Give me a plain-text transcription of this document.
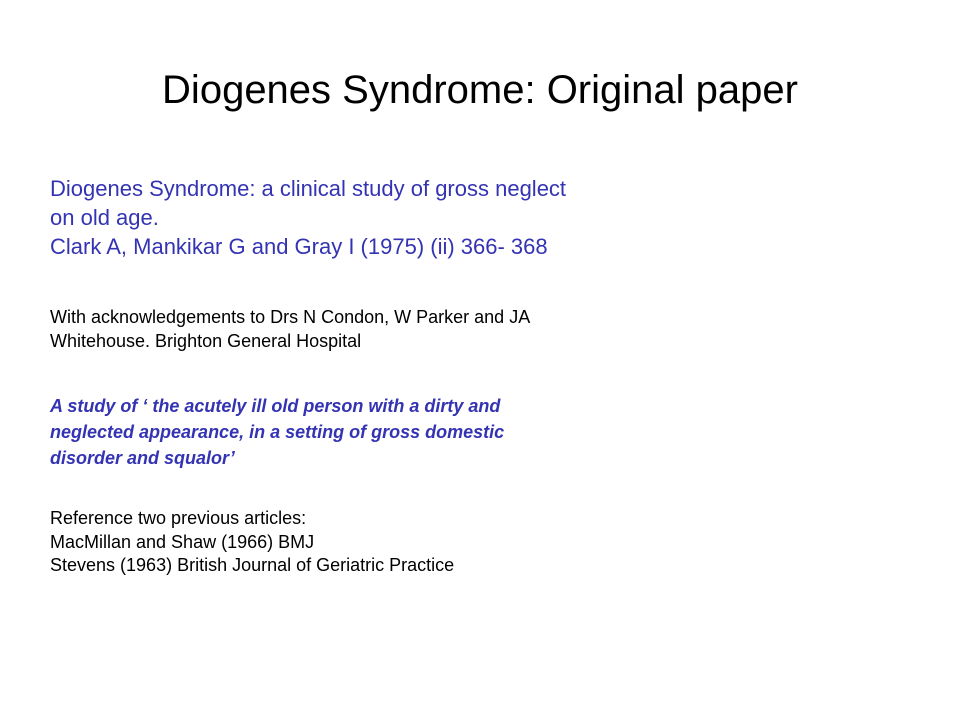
Diogenes Syndrome: Original paper
Diogenes Syndrome: a clinical study of gross neglect
on old age.
Clark A, Mankikar G and Gray I (1975) (ii) 366- 368
With acknowledgements to Drs N Condon, W Parker and JA
Whitehouse. Brighton General Hospital
A study of ‘ the acutely ill old person with a dirty and
neglected appearance, in a setting of gross domestic
disorder and squalor’
Reference two previous articles:
MacMillan and Shaw (1966) BMJ
Stevens (1963) British Journal of Geriatric Practice
